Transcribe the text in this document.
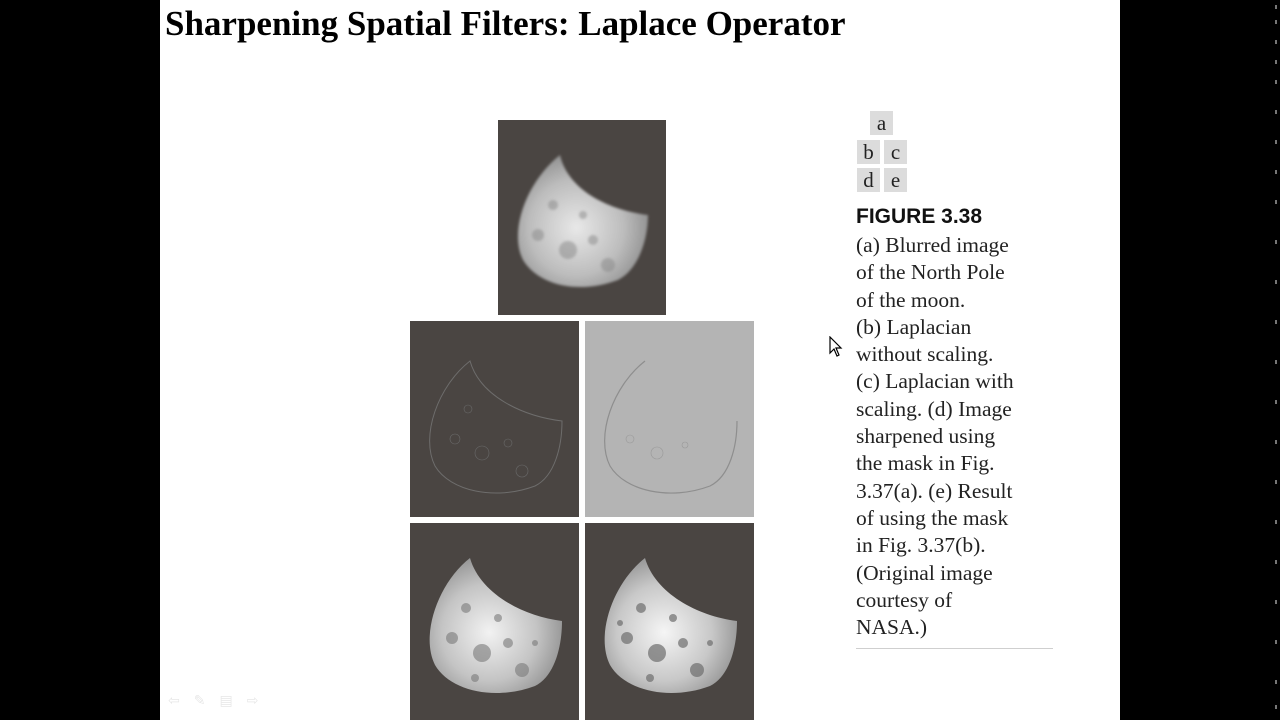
Sharpening Spatial Filters: Laplace Operator
a
b c
d e
FIGURE 3.38
(a) Blurred image
of the North Pole
of the moon.
(b) Laplacian
without scaling.
(c) Laplacian with
scaling. (d) Image
sharpened using
the mask in Fig.
3.37(a). (e) Result
of using the mask
in Fig. 3.37(b).
(Original image
courtesy of
NASA.)
⇦ ✎ ▤ ⇨
